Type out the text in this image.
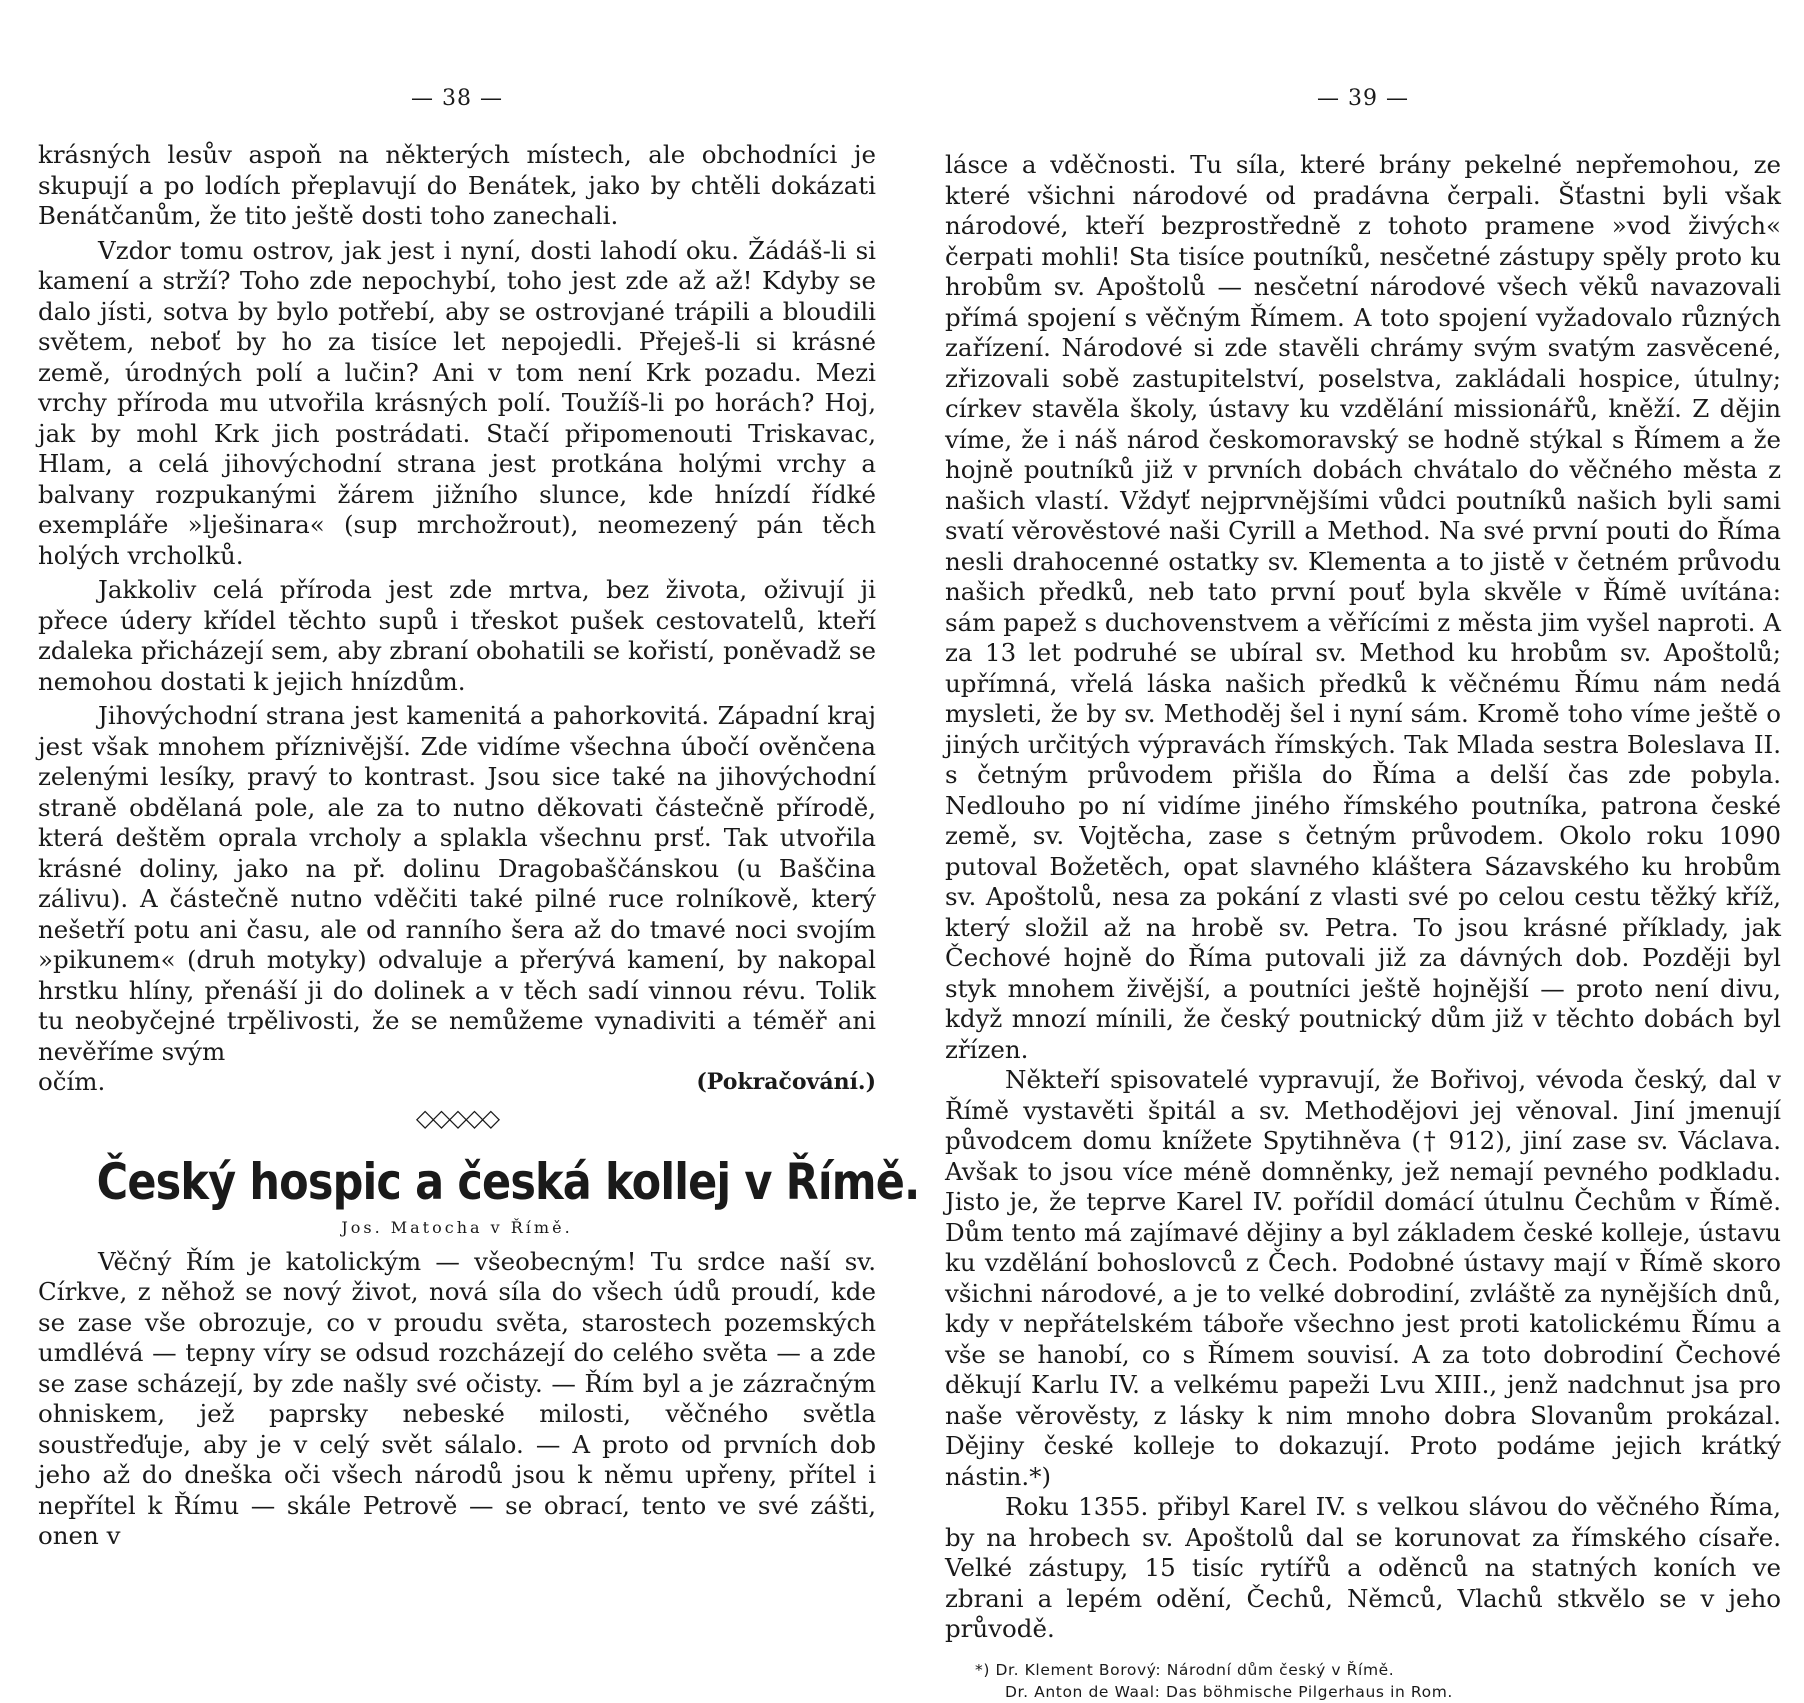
— 38 —

krásných lesův aspoň na některých místech, ale obchodníci je skupují a po lodích přeplavují do Benátek, jako by chtěli dokázati Benátčanům, že tito ještě dosti toho zanechali.

Vzdor tomu ostrov, jak jest i nyní, dosti lahodí oku. Žádáš-li si kamení a strží? Toho zde nepochybí, toho jest zde až až! Kdyby se dalo jísti, sotva by bylo potřebí, aby se ostrovjané trápili a bloudili světem, neboť by ho za tisíce let nepojedli. Přeješ-li si krásné země, úrodných polí a lučin? Ani v tom není Krk pozadu. Mezi vrchy příroda mu utvořila krásných polí. Toužíš-li po horách? Hoj, jak by mohl Krk jich postrádati. Stačí připomenouti Triskavac, Hlam, a celá jihovýchodní strana jest protkána holými vrchy a balvany rozpukanými žárem jižního slunce, kde hnízdí řídké exempláře »lješinara« (sup mrchožrout), neomezený pán těch holých vrcholků.

Jakkoliv celá příroda jest zde mrtva, bez života, oživují ji přece údery křídel těchto supů i třeskot pušek cestovatelů, kteří zdaleka přicházejí sem, aby zbraní obohatili se kořistí, poněvadž se nemohou dostati k jejich hnízdům.

Jihovýchodní strana jest kamenitá a pahorkovitá. Západní kraj jest však mnohem příznivější. Zde vidíme všechna úbočí ověnčena zelenými lesíky, pravý to kontrast. Jsou sice také na jihovýchodní straně obdělaná pole, ale za to nutno děkovati částečně přírodě, která deštěm oprala vrcholy a splakla všechnu prsť. Tak utvořila krásné doliny, jako na př. dolinu Dragobaščánskou (u Baščina zálivu). A částečně nutno vděčiti také pilné ruce rolníkově, který nešetří potu ani času, ale od ranního šera až do tmavé noci svojím »pikunem« (druh motyky) odvaluje a přerývá kamení, by nakopal hrstku hlíny, přenáší ji do dolinek a v těch sadí vinnou révu. Tolik tu neobyčejné trpělivosti, že se nemůžeme vynadiviti a téměř ani nevěříme svým

očím.	(Pokračování.)
◇◇◇◇◇
Český hospic a česká kollej v Římě.
Jos. Matocha v Římě.

Věčný Řím je katolickým — všeobecným! Tu srdce naší sv. Církve, z něhož se nový život, nová síla do všech údů proudí, kde se zase vše obrozuje, co v proudu světa, starostech pozemských umdlévá — tepny víry se odsud rozcházejí do celého světa — a zde se zase scházejí, by zde našly své očisty. — Řím byl a je zázračným ohniskem, jež paprsky nebeské milosti, věčného světla soustřeďuje, aby je v celý svět sálalo. — A proto od prvních dob jeho až do dneška oči všech národů jsou k němu upřeny, přítel i nepřítel k Římu — skále Petrově — se obrací, tento ve své zášti, onen v

— 39 —

lásce a vděčnosti. Tu síla, které brány pekelné nepřemohou, ze které všichni národové od pradávna čerpali. Šťastni byli však národové, kteří bezprostředně z tohoto pramene »vod živých« čerpati mohli! Sta tisíce poutníků, nesčetné zástupy spěly proto ku hrobům sv. Apoštolů — nesčetní národové všech věků navazovali přímá spojení s věčným Římem. A toto spojení vyžadovalo různých zařízení. Národové si zde stavěli chrámy svým svatým zasvěcené, zřizovali sobě zastupitelství, poselstva, zakládali hospice, útulny; církev stavěla školy, ústavy ku vzdělání missionářů, kněží. Z dějin víme, že i náš národ českomoravský se hodně stýkal s Římem a že hojně poutníků již v prvních dobách chvátalo do věčného města z našich vlastí. Vždyť nejprvnějšími vůdci poutníků našich byli sami svatí věrověstové naši Cyrill a Method. Na své první pouti do Říma nesli drahocenné ostatky sv. Klementa a to jistě v četném průvodu našich předků, neb tato první pouť byla skvěle v Římě uvítána: sám papež s duchovenstvem a věřícími z města jim vyšel naproti. A za 13 let podruhé se ubíral sv. Method ku hrobům sv. Apoštolů; upřímná, vřelá láska našich předků k věčnému Římu nám nedá mysleti, že by sv. Methoděj šel i nyní sám. Kromě toho víme ještě o jiných určitých výpravách římských. Tak Mlada sestra Boleslava II. s četným průvodem přišla do Říma a delší čas zde pobyla. Nedlouho po ní vidíme jiného římského poutníka, patrona české země, sv. Vojtěcha, zase s četným průvodem. Okolo roku 1090 putoval Božetěch, opat slavného kláštera Sázavského ku hrobům sv. Apoštolů, nesa za pokání z vlasti své po celou cestu těžký kříž, který složil až na hrobě sv. Petra. To jsou krásné příklady, jak Čechové hojně do Říma putovali již za dávných dob. Později byl styk mnohem živější, a poutníci ještě hojnější — proto není divu, když mnozí mínili, že český poutnický dům již v těchto dobách byl zřízen.

Někteří spisovatelé vypravují, že Bořivoj, vévoda český, dal v Římě vystavěti špitál a sv. Methodějovi jej věnoval. Jiní jmenují původcem domu knížete Spytihněva († 912), jiní zase sv. Václava. Avšak to jsou více méně domněnky, jež nemají pevného podkladu. Jisto je, že teprve Karel IV. pořídil domácí útulnu Čechům v Římě. Dům tento má zajímavé dějiny a byl základem české kolleje, ústavu ku vzdělání bohoslovců z Čech. Podobné ústavy mají v Římě skoro všichni národové, a je to velké dobrodiní, zvláště za nynějších dnů, kdy v nepřátelském táboře všechno jest proti katolickému Římu a vše se hanobí, co s Římem souvisí. A za toto dobrodiní Čechové děkují Karlu IV. a velkému papeži Lvu XIII., jenž nadchnut jsa pro naše věrověsty, z lásky k nim mnoho dobra Slovanům prokázal. Dějiny české kolleje to dokazují. Proto podáme jejich krátký nástin.*)

Roku 1355. přibyl Karel IV. s velkou slávou do věčného Říma, by na hrobech sv. Apoštolů dal se korunovat za římského císaře. Velké zástupy, 15 tisíc rytířů a oděnců na statných koních ve zbrani a lepém odění, Čechů, Němců, Vlachů stkvělo se v jeho průvodě.

*) Dr. Klement Borový: Národní dům český v Římě.
Dr. Anton de Waal: Das böhmische Pilgerhaus in Rom.
